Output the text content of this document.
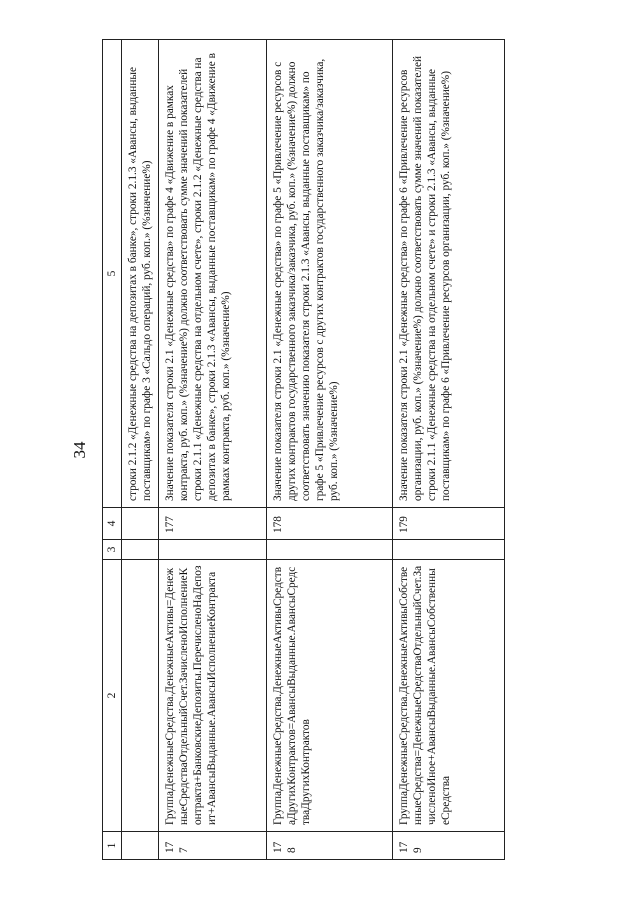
34
1	2	3	4	5
				строки 2.1.2 «Денежные средства на депозитах в банке», строки 2.1.3 «Авансы, выданные поставщикам» по графе 3 «Сальдо операций, руб. коп.» (%значение%)
177	ГруппаДенежныеСредства.ДенежныеАктивы=ДенежныеСредстваОтдельныйСчет.ЗачисленоИсполнениеКонтракта+БанковскиеДепозиты.ПеречисленоНаДепозит+АвансыВыданные.АвансыИсполнениеКонтракта		177	Значение показателя строки 2.1 «Денежные средства» по графе 4 «Движение в рамках контракта, руб. коп.» (%значение%) должно соответствовать сумме значений показателей строки 2.1.1 «Денежные средства на отдельном счете», строки 2.1.2 «Денежные средства на депозитах в банке», строки 2.1.3 «Авансы, выданные поставщикам» по графе 4 «Движение в рамках контракта, руб. коп.» (%значение%)
178	ГруппаДенежныеСредства.ДенежныеАктивыСредстваДругихКонтрактов=АвансыВыданные.АвансыСредстваДругихКонтрактов		178	Значение показателя строки 2.1 «Денежные средства» по графе 5 «Привлечение ресурсов с других контрактов государственного заказчика/заказчика, руб. коп.» (%значение%) должно соответствовать значению показателя строки 2.1.3 «Авансы, выданные поставщикам» по графе 5 «Привлечение ресурсов с других контрактов государственного заказчика/заказчика, руб. коп.» (%значение%)
179	ГруппаДенежныеСредства.ДенежныеАктивыСобственныеСредства=ДенежныеСредстваОтдельныйСчет.ЗачисленоИное+АвансыВыданные.АвансыСобственныеСредства		179	Значение показателя строки 2.1 «Денежные средства» по графе 6 «Привлечение ресурсов организации, руб. коп.» (%значение%) должно соответствовать сумме значений показателей строки 2.1.1 «Денежные средства на отдельном счете» и строки 2.1.3 «Авансы, выданные поставщикам» по графе 6 «Привлечение ресурсов организации, руб. коп.» (%значение%)
